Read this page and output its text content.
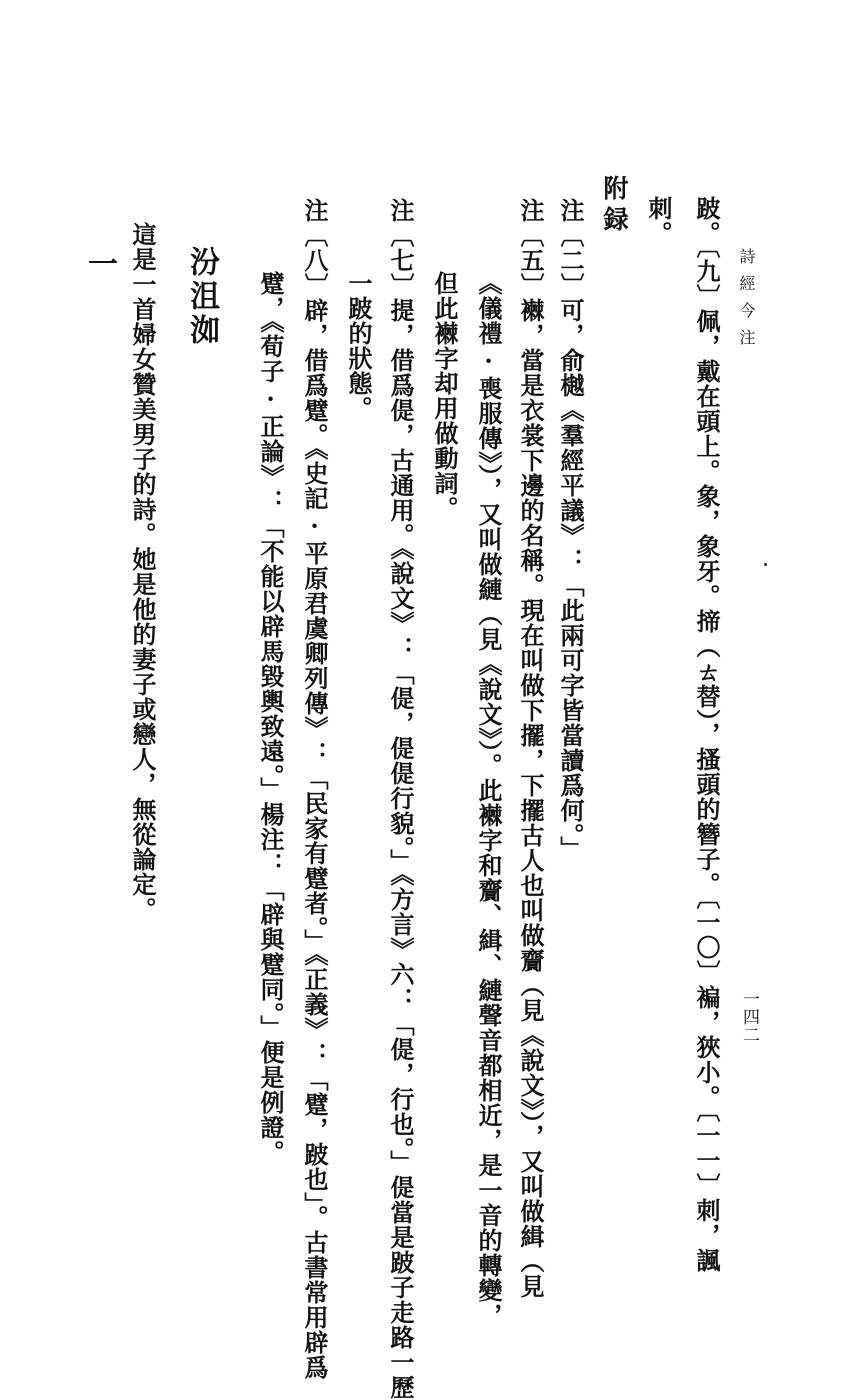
詩經今注
一四二
跛。〔九〕佩，戴在頭上。象，象牙。揥（ㄊ替），搔頭的簪子。〔一〇〕褊，狹小。〔一一〕刺，諷
刺。
附録
注〔二〕可，俞樾《羣經平議》：「此兩可字皆當讀爲何。」
注〔五〕襋，當是衣裳下邊的名稱。現在叫做下擺，下擺古人也叫做齎（見《說文》），又叫做緝（見
《儀禮·喪服傳》），又叫做縺（見《說文》）。此襋字和齎、緝、縺聲音都相近，是一音的轉變，
但此襋字却用做動詞。
注〔七〕提，借爲偍，古通用。《說文》：「偍，偍偍行貌。」《方言》六：「偍，行也。」偍當是跛子走路一歷
一跛的狀態。
注〔八〕辟，借爲躄。《史記·平原君虞卿列傳》：「民家有躄者。」《正義》：「躄，跛也」。古書常用辟爲
躄，《荀子·正論》：「不能以辟馬毀輿致遠。」楊注：「辟與躄同。」便是例證。
汾沮洳
這是一首婦女贊美男子的詩。她是他的妻子或戀人，無從論定。
一
